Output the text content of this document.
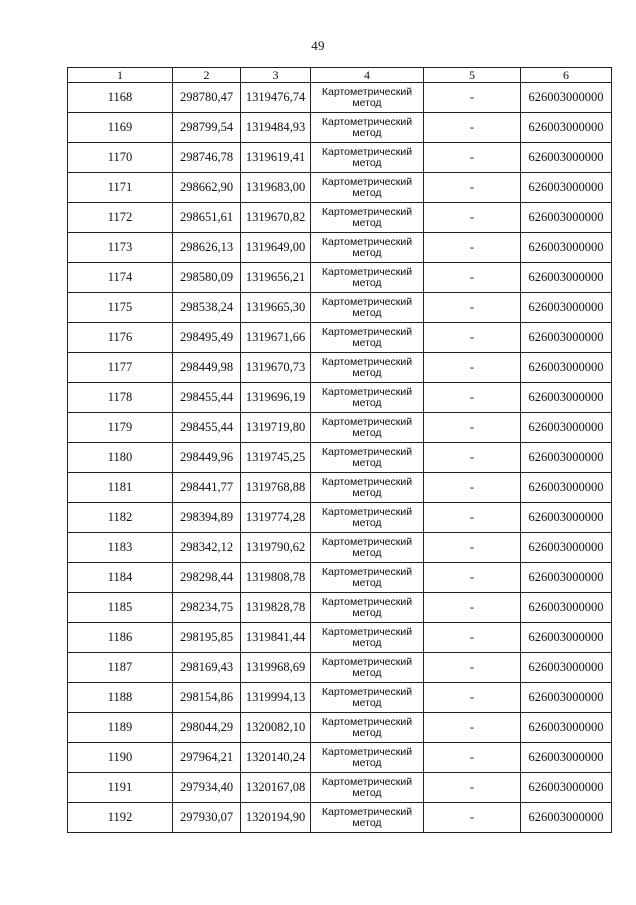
49
1	2	3	4	5	6
1168	298780,47	1319476,74	Картометрический
метод	-	626003000000
1169	298799,54	1319484,93	Картометрический
метод	-	626003000000
1170	298746,78	1319619,41	Картометрический
метод	-	626003000000
1171	298662,90	1319683,00	Картометрический
метод	-	626003000000
1172	298651,61	1319670,82	Картометрический
метод	-	626003000000
1173	298626,13	1319649,00	Картометрический
метод	-	626003000000
1174	298580,09	1319656,21	Картометрический
метод	-	626003000000
1175	298538,24	1319665,30	Картометрический
метод	-	626003000000
1176	298495,49	1319671,66	Картометрический
метод	-	626003000000
1177	298449,98	1319670,73	Картометрический
метод	-	626003000000
1178	298455,44	1319696,19	Картометрический
метод	-	626003000000
1179	298455,44	1319719,80	Картометрический
метод	-	626003000000
1180	298449,96	1319745,25	Картометрический
метод	-	626003000000
1181	298441,77	1319768,88	Картометрический
метод	-	626003000000
1182	298394,89	1319774,28	Картометрический
метод	-	626003000000
1183	298342,12	1319790,62	Картометрический
метод	-	626003000000
1184	298298,44	1319808,78	Картометрический
метод	-	626003000000
1185	298234,75	1319828,78	Картометрический
метод	-	626003000000
1186	298195,85	1319841,44	Картометрический
метод	-	626003000000
1187	298169,43	1319968,69	Картометрический
метод	-	626003000000
1188	298154,86	1319994,13	Картометрический
метод	-	626003000000
1189	298044,29	1320082,10	Картометрический
метод	-	626003000000
1190	297964,21	1320140,24	Картометрический
метод	-	626003000000
1191	297934,40	1320167,08	Картометрический
метод	-	626003000000
1192	297930,07	1320194,90	Картометрический
метод	-	626003000000
